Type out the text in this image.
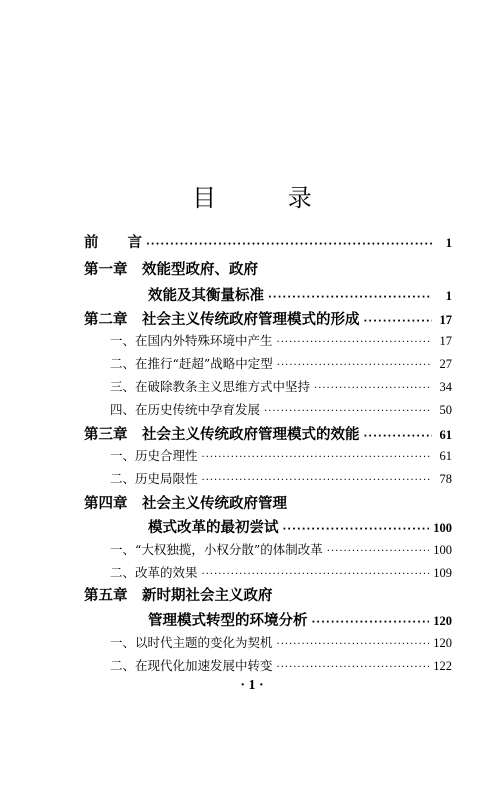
目 录
前　　言 ·····	1
第一章　效能型政府、政府
效能及其衡量标准 ·····	1
第二章　社会主义传统政府管理模式的形成 ·····	17
一、在国内外特殊环境中产生 ·····	17
二、在推行“赶超”战略中定型 ·····	27
三、在破除教条主义思维方式中坚持 ·····	34
四、在历史传统中孕育发展 ·····	50
第三章　社会主义传统政府管理模式的效能 ·····	61
一、历史合理性 ·····	61
二、历史局限性 ·····	78
第四章　社会主义传统政府管理
模式改革的最初尝试 ·····	100
一、“大权独揽，小权分散”的体制改革 ·····	100
二、改革的效果 ·····	109
第五章　新时期社会主义政府
管理模式转型的环境分析 ·····	120
一、以时代主题的变化为契机 ·····	120
二、在现代化加速发展中转变 ·····	122
· 1 ·
